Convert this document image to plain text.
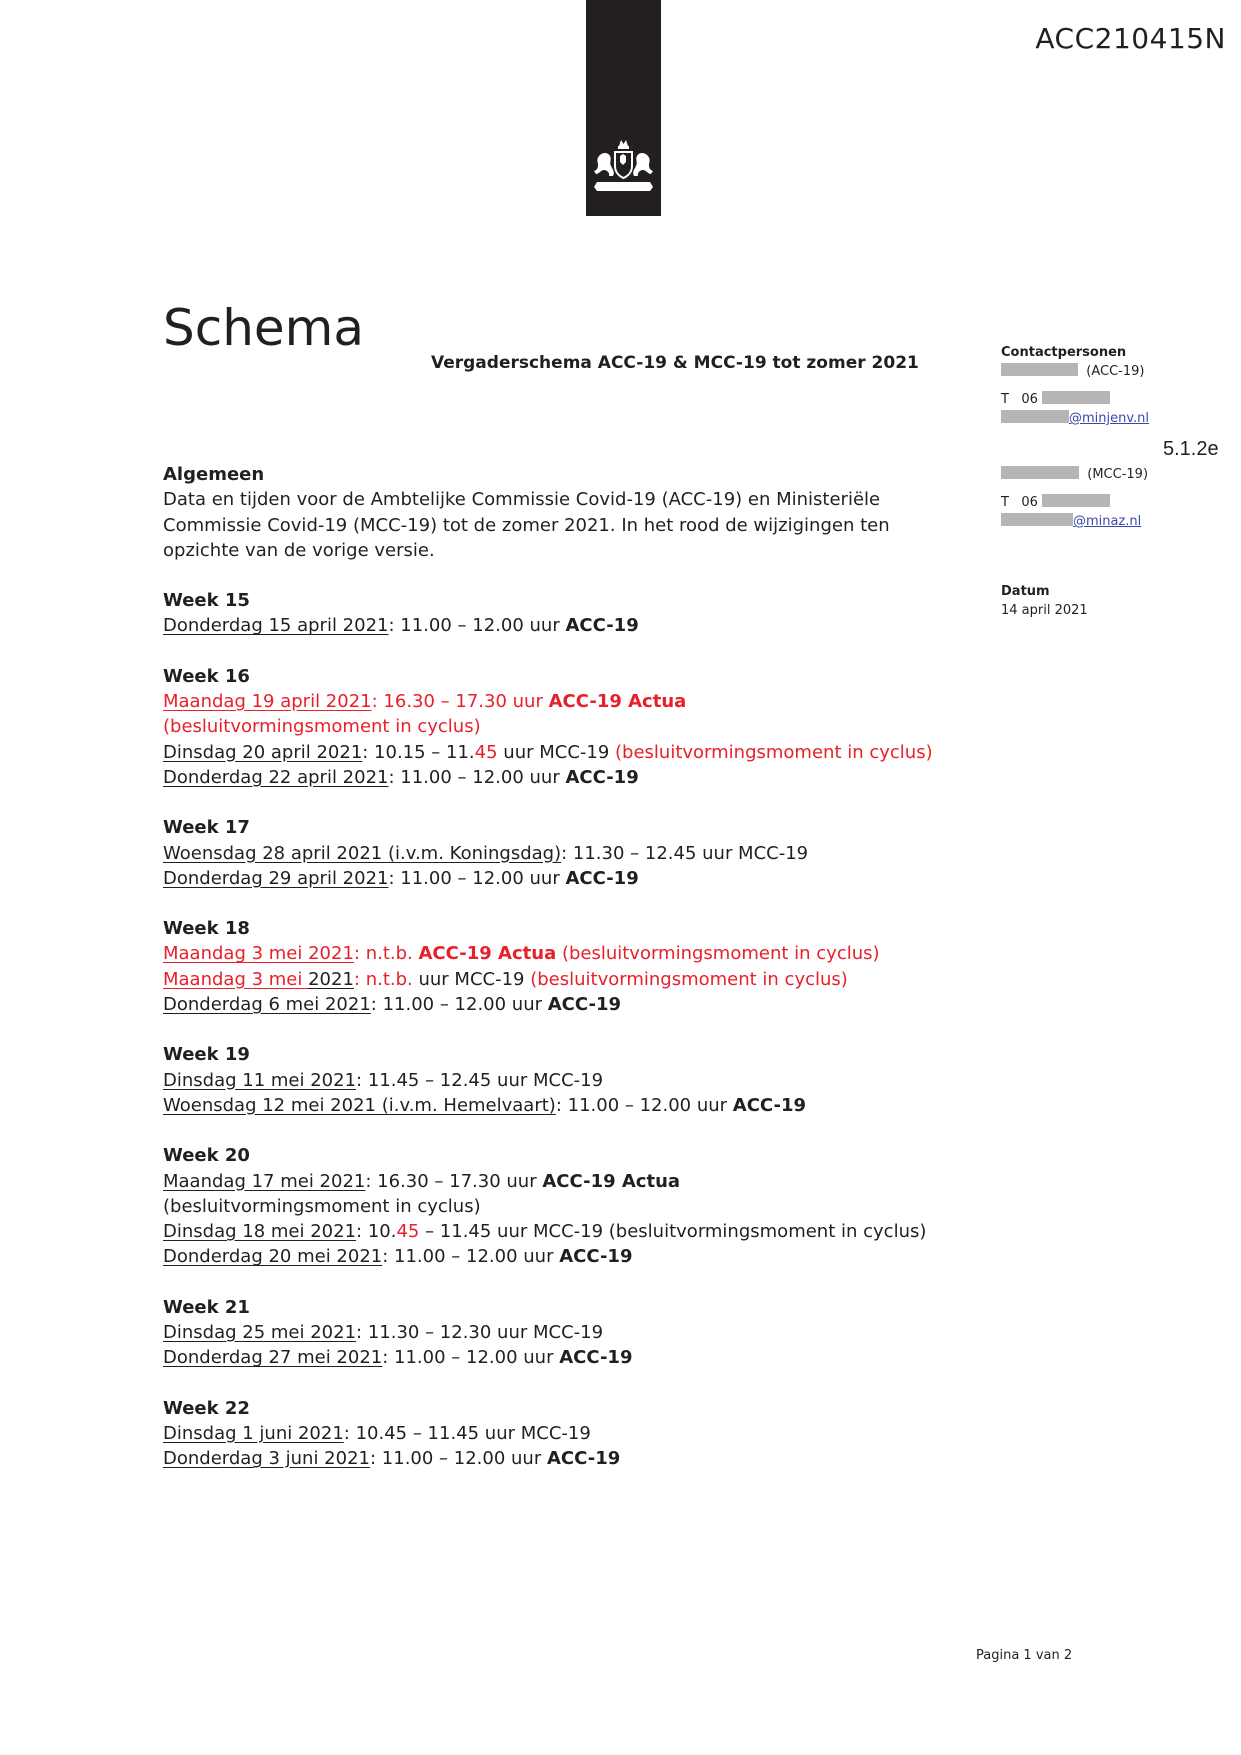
ACC210415N
Schema
Vergaderschema ACC-19 & MCC-19 tot zomer 2021

Algemeen

Data en tijden voor de Ambtelijke Commissie Covid-19 (ACC-19) en Ministeriële Commissie Covid-19 (MCC-19) tot de zomer 2021. In het rood de wijzigingen ten opzichte van de vorige versie.

Week 15

Donderdag 15 april 2021: 11.00 – 12.00 uur ACC-19

Week 16

Maandag 19 april 2021: 16.30 – 17.30 uur ACC-19 Actua
(besluitvormingsmoment in cyclus)

Dinsdag 20 april 2021: 10.15 – 11.45 uur MCC-19 (besluitvormingsmoment in cyclus)

Donderdag 22 april 2021: 11.00 – 12.00 uur ACC-19

Week 17

Woensdag 28 april 2021 (i.v.m. Koningsdag): 11.30 – 12.45 uur MCC-19

Donderdag 29 april 2021: 11.00 – 12.00 uur ACC-19

Week 18

Maandag 3 mei 2021: n.t.b. ACC-19 Actua (besluitvormingsmoment in cyclus)

Maandag 3 mei 2021: n.t.b. uur MCC-19 (besluitvormingsmoment in cyclus)

Donderdag 6 mei 2021: 11.00 – 12.00 uur ACC-19

Week 19

Dinsdag 11 mei 2021: 11.45 – 12.45 uur MCC-19

Woensdag 12 mei 2021 (i.v.m. Hemelvaart): 11.00 – 12.00 uur ACC-19

Week 20

Maandag 17 mei 2021: 16.30 – 17.30 uur ACC-19 Actua
(besluitvormingsmoment in cyclus)

Dinsdag 18 mei 2021: 10.45 – 11.45 uur MCC-19 (besluitvormingsmoment in cyclus)

Donderdag 20 mei 2021: 11.00 – 12.00 uur ACC-19

Week 21

Dinsdag 25 mei 2021: 11.30 – 12.30 uur MCC-19

Donderdag 27 mei 2021: 11.00 – 12.00 uur ACC-19

Week 22

Dinsdag 1 juni 2021: 10.45 – 11.45 uur MCC-19

Donderdag 3 juni 2021: 11.00 – 12.00 uur ACC-19

Contactpersonen
(ACC-19)
T   06
@minjenv.nl
(MCC-19)
T   06
@minaz.nl
5.1.2e
Datum
14 april 2021
Pagina 1 van 2
